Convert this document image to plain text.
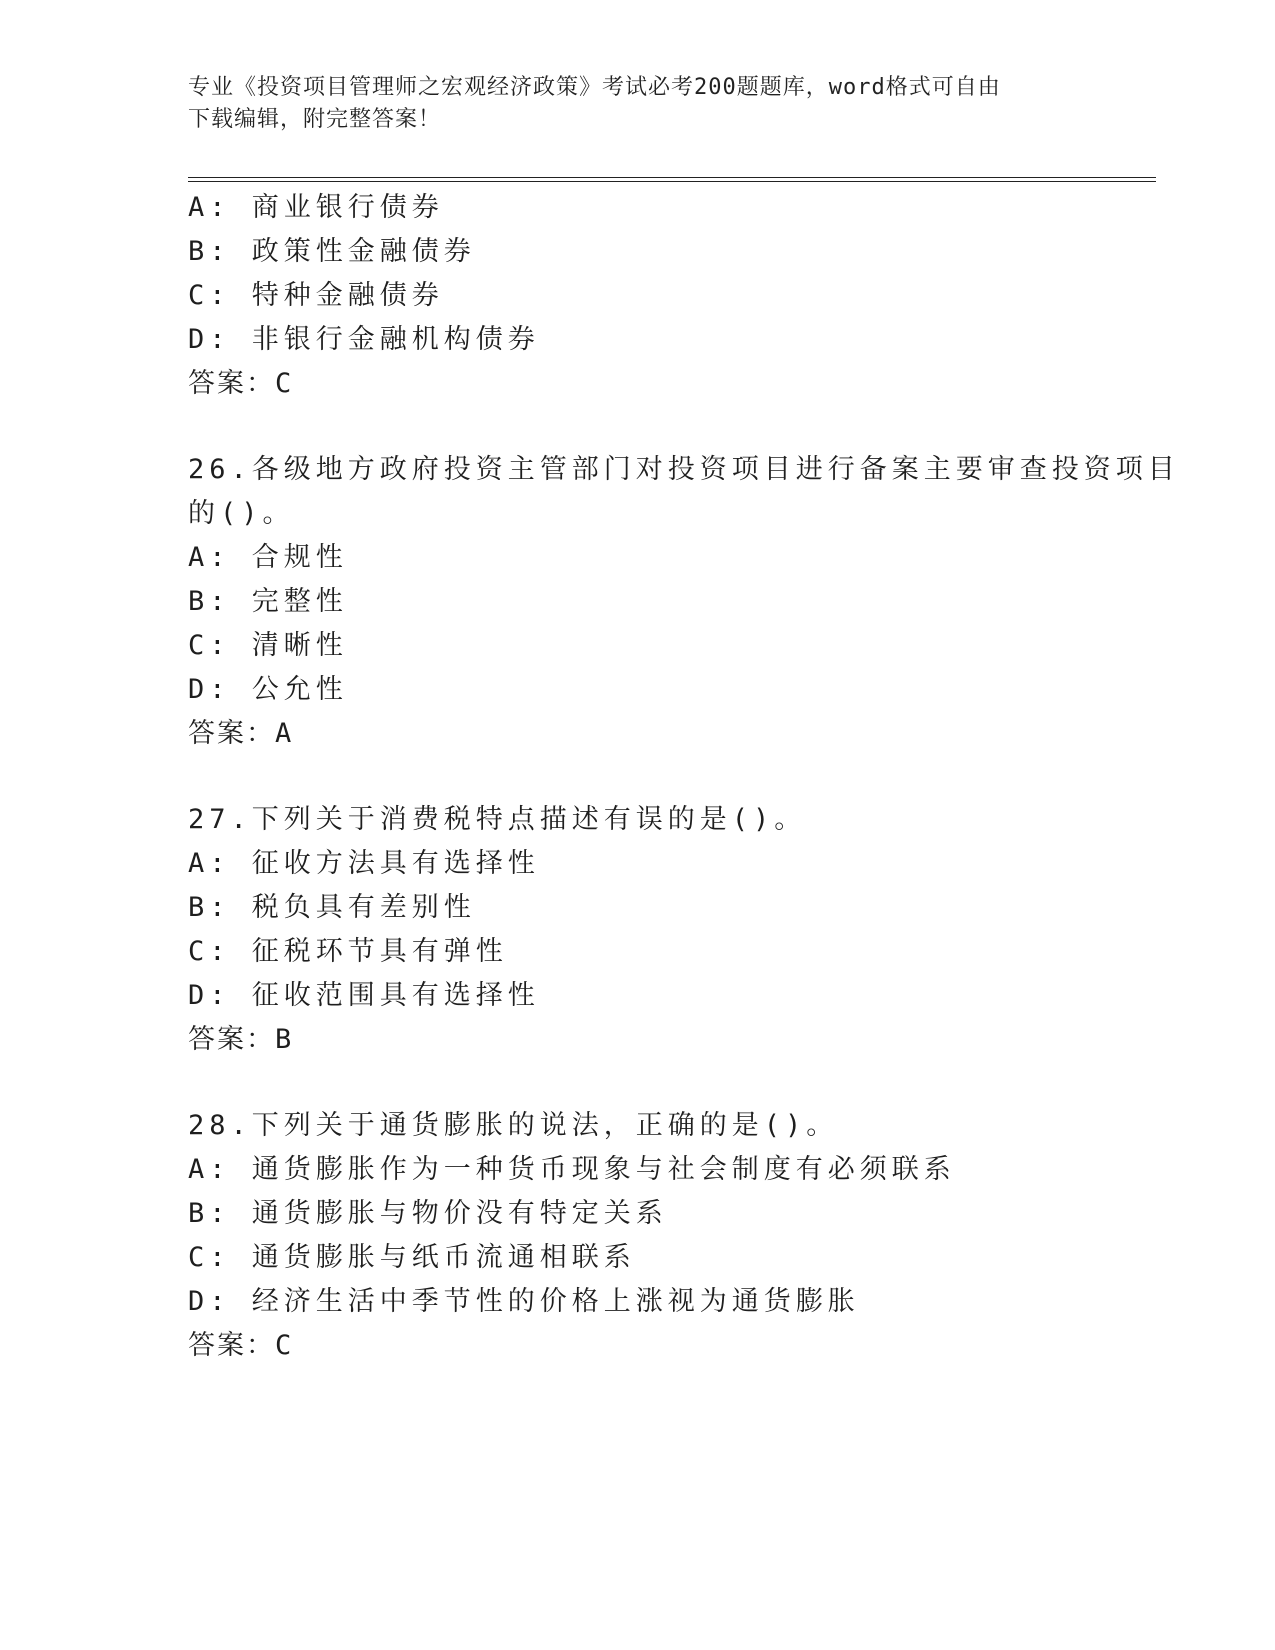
专业《投资项目管理师之宏观经济政策》考试必考200题题库，word格式可自由
下载编辑，附完整答案！
A: 商业银行债券
B: 政策性金融债券
C: 特种金融债券
D: 非银行金融机构债券
答案：C
26.各级地方政府投资主管部门对投资项目进行备案主要审查投资项目
的()。
A: 合规性
B: 完整性
C: 清晰性
D: 公允性
答案：A
27.下列关于消费税特点描述有误的是()。
A: 征收方法具有选择性
B: 税负具有差别性
C: 征税环节具有弹性
D: 征收范围具有选择性
答案：B
28.下列关于通货膨胀的说法，正确的是()。
A: 通货膨胀作为一种货币现象与社会制度有必须联系
B: 通货膨胀与物价没有特定关系
C: 通货膨胀与纸币流通相联系
D: 经济生活中季节性的价格上涨视为通货膨胀
答案：C
